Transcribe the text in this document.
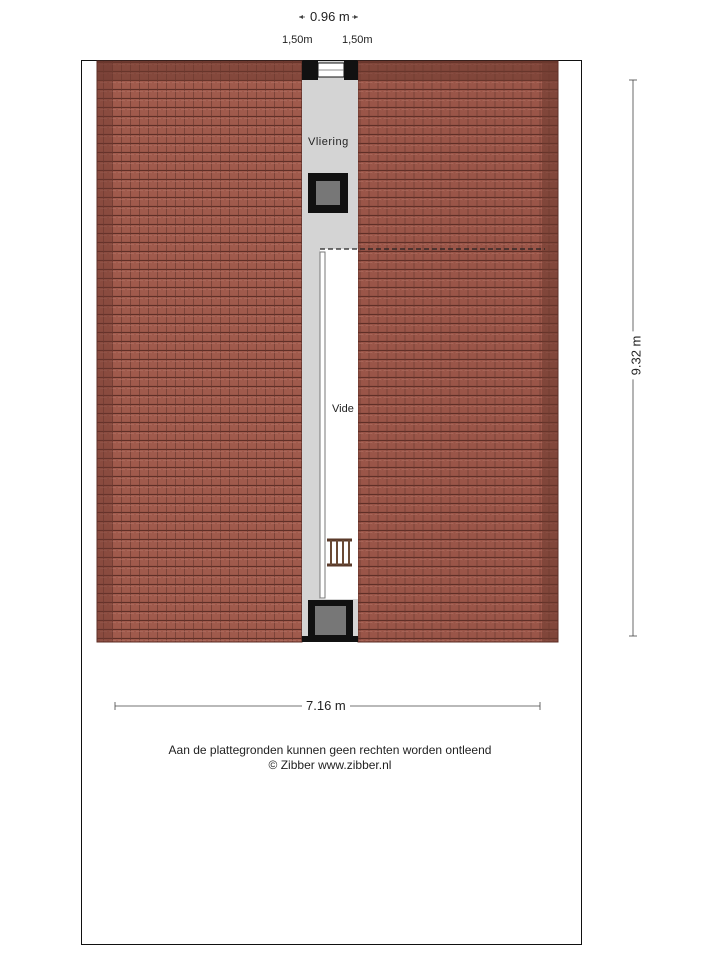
0.96 m
1,50m	1,50m
Vliering
Vide
7.16 m
9.32 m
Aan de plattegronden kunnen geen rechten worden ontleend
© Zibber www.zibber.nl
